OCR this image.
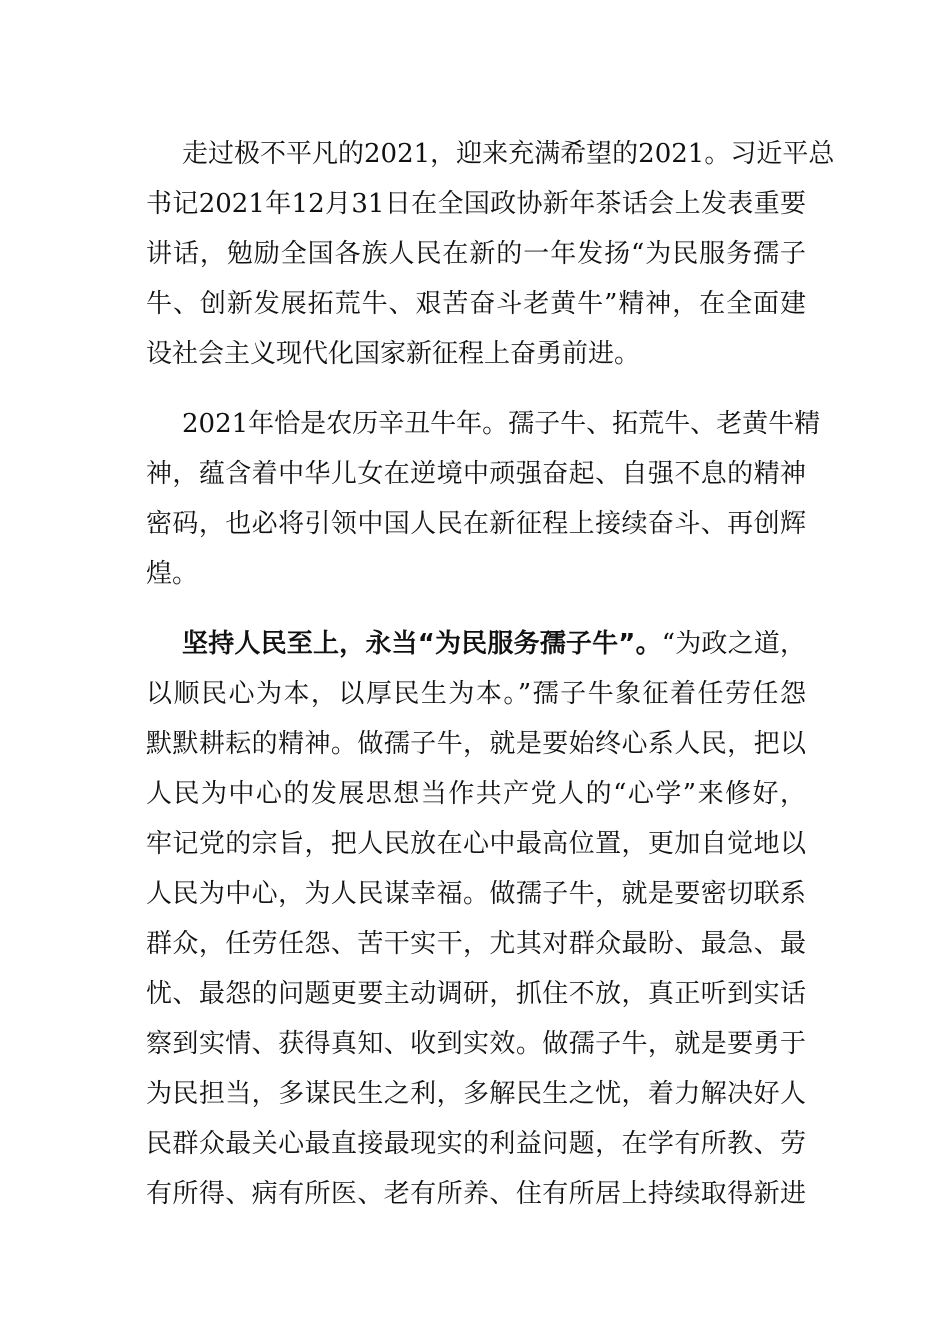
走过极不平凡的2021，迎来充满希望的2021。习近平总
书记2021年12月31日在全国政协新年茶话会上发表重要
讲话，勉励全国各族人民在新的一年发扬“为民服务孺子
牛、创新发展拓荒牛、艰苦奋斗老黄牛”精神，在全面建
设社会主义现代化国家新征程上奋勇前进。
2021年恰是农历辛丑牛年。孺子牛、拓荒牛、老黄牛精
神，蕴含着中华儿女在逆境中顽强奋起、自强不息的精神
密码，也必将引领中国人民在新征程上接续奋斗、再创辉
煌。
坚持人民至上，永当“为民服务孺子牛”。“为政之道，
以顺民心为本，以厚民生为本。”孺子牛象征着任劳任怨
默默耕耘的精神。做孺子牛，就是要始终心系人民，把以
人民为中心的发展思想当作共产党人的“心学”来修好，
牢记党的宗旨，把人民放在心中最高位置，更加自觉地以
人民为中心，为人民谋幸福。做孺子牛，就是要密切联系
群众，任劳任怨、苦干实干，尤其对群众最盼、最急、最
忧、最怨的问题更要主动调研，抓住不放，真正听到实话
察到实情、获得真知、收到实效。做孺子牛，就是要勇于
为民担当，多谋民生之利，多解民生之忧，着力解决好人
民群众最关心最直接最现实的利益问题，在学有所教、劳
有所得、病有所医、老有所养、住有所居上持续取得新进
